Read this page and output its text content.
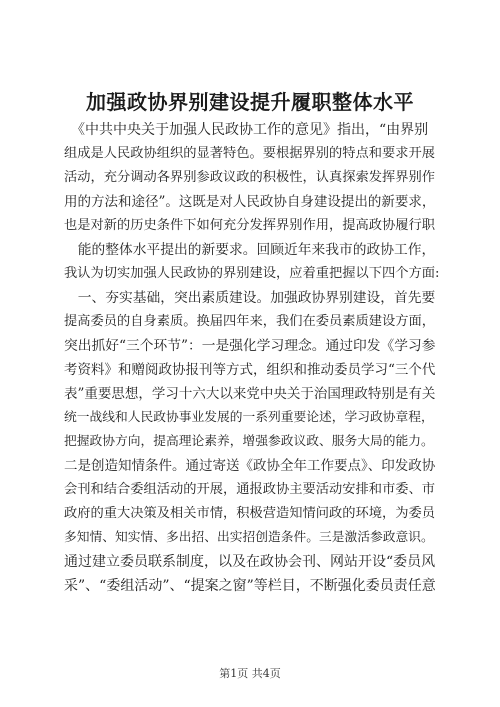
加强政协界别建设提升履职整体水平
　《中共中央关于加强人民政协工作的意见》指出，“由界别
组成是人民政协组织的显著特色。要根据界别的特点和要求开展
活动，充分调动各界别参政议政的积极性，认真探索发挥界别作
用的方法和途径”。这既是对人民政协自身建设提出的新要求，
也是对新的历史条件下如何充分发挥界别作用，提高政协履行职
　能的整体水平提出的新要求。回顾近年来我市的政协工作，
我认为切实加强人民政协的界别建设，应着重把握以下四个方面:
　一、夯实基础，突出素质建设。加强政协界别建设，首先要
提高委员的自身素质。换届四年来，我们在委员素质建设方面，
突出抓好“三个环节”：一是强化学习理念。通过印发《学习参
考资料》和赠阅政协报刊等方式，组织和推动委员学习“三个代
表”重要思想，学习十六大以来党中央关于治国理政特别是有关
统一战线和人民政协事业发展的一系列重要论述，学习政协章程，
把握政协方向，提高理论素养，增强参政议政、服务大局的能力。
二是创造知情条件。通过寄送《政协全年工作要点》、印发政协
会刊和结合委组活动的开展，通报政协主要活动安排和市委、市
政府的重大决策及相关市情，积极营造知情问政的环境，为委员
多知情、知实情、多出招、出实招创造条件。三是激活参政意识。
通过建立委员联系制度，以及在政协会刊、网站开设“委员风
采”、“委组活动”、“提案之窗”等栏目，不断强化委员责任意
第1页 共4页
